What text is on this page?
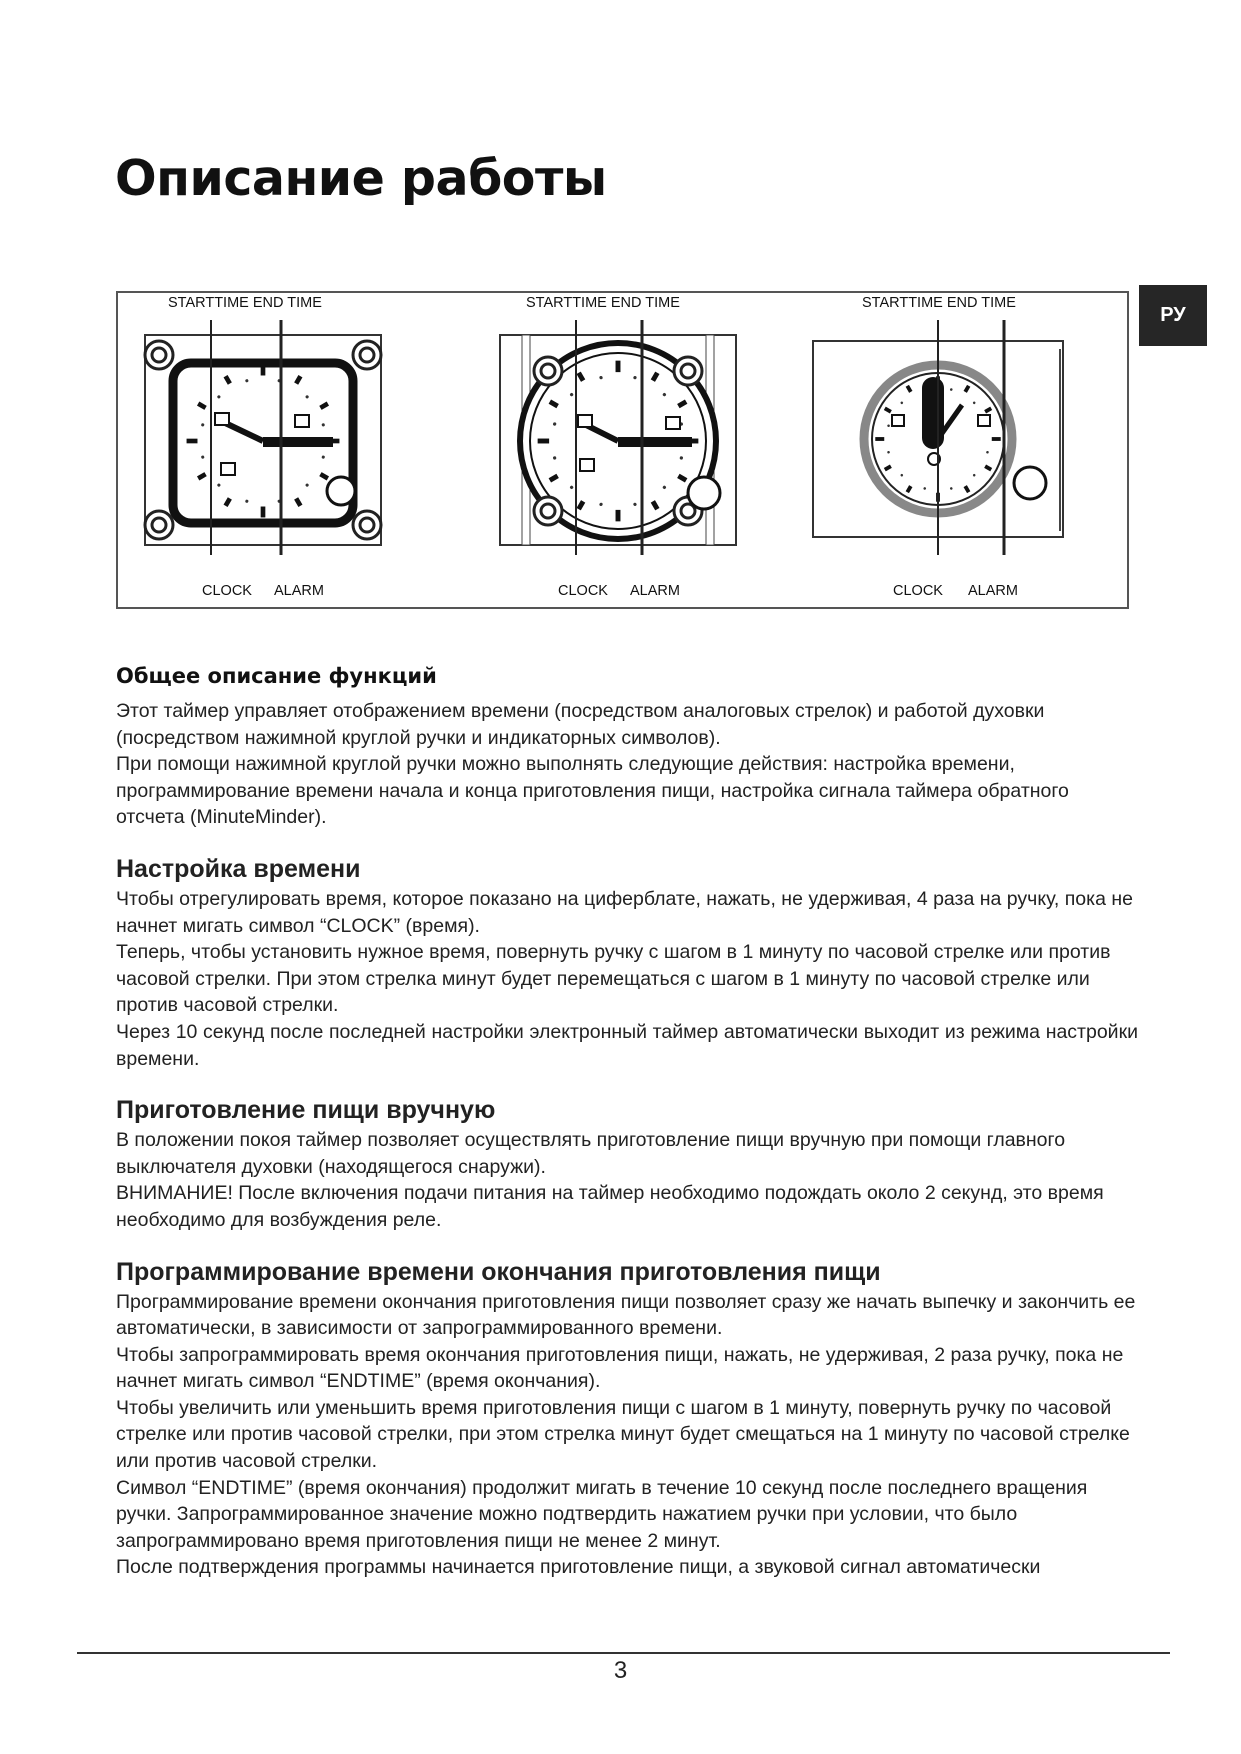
Описание работы
РУ
STARTTIME END TIME
CLOCK ALARM
STARTTIME END TIME
CLOCK ALARM
STARTTIME END TIME
CLOCK ALARM
Общее описание функций

Этот таймер управляет отображением времени (посредством аналоговых стрелок) и работой духовки (посредством нажимной круглой ручки и индикаторных символов).

При помощи нажимной круглой ручки можно выполнять следующие действия: настройка времени, программирование времени начала и конца приготовления пищи, настройка сигнала таймера обратного отсчета (MinuteMinder).

Настройка времени

Чтобы отрегулировать время, которое показано на циферблате, нажать, не удерживая, 4 раза на ручку, пока не начнет мигать символ “CLOCK” (время).

Теперь, чтобы установить нужное время, повернуть ручку с шагом в 1 минуту по часовой стрелке или против часовой стрелки. При этом стрелка минут будет перемещаться с шагом в 1 минуту по часовой стрелке или против часовой стрелки.

Через 10 секунд после последней настройки электронный таймер автоматически выходит из режима настройки времени.

Приготовление пищи вручную

В положении покоя таймер позволяет осуществлять приготовление пищи вручную при помощи главного выключателя духовки (находящегося снаружи).

ВНИМАНИЕ! После включения подачи питания на таймер необходимо подождать около 2 секунд, это время необходимо для возбуждения реле.

Программирование времени окончания приготовления пищи

Программирование времени окончания приготовления пищи позволяет сразу же начать выпечку и закончить ее автоматически, в зависимости от запрограммированного времени.

Чтобы запрограммировать время окончания приготовления пищи, нажать, не удерживая, 2 раза ручку, пока не начнет мигать символ “ENDTIME” (время окончания).

Чтобы увеличить или уменьшить время приготовления пищи с шагом в 1 минуту, повернуть ручку по часовой стрелке или против часовой стрелки, при этом стрелка минут будет смещаться на 1 минуту по часовой стрелке или против часовой стрелки.

Символ “ENDTIME” (время окончания) продолжит мигать в течение 10 секунд после последнего вращения ручки. Запрограммированное значение можно подтвердить нажатием ручки при условии, что было запрограммировано время приготовления пищи не менее 2 минут.

После подтверждения программы начинается приготовление пищи, а звуковой сигнал автоматически

3
